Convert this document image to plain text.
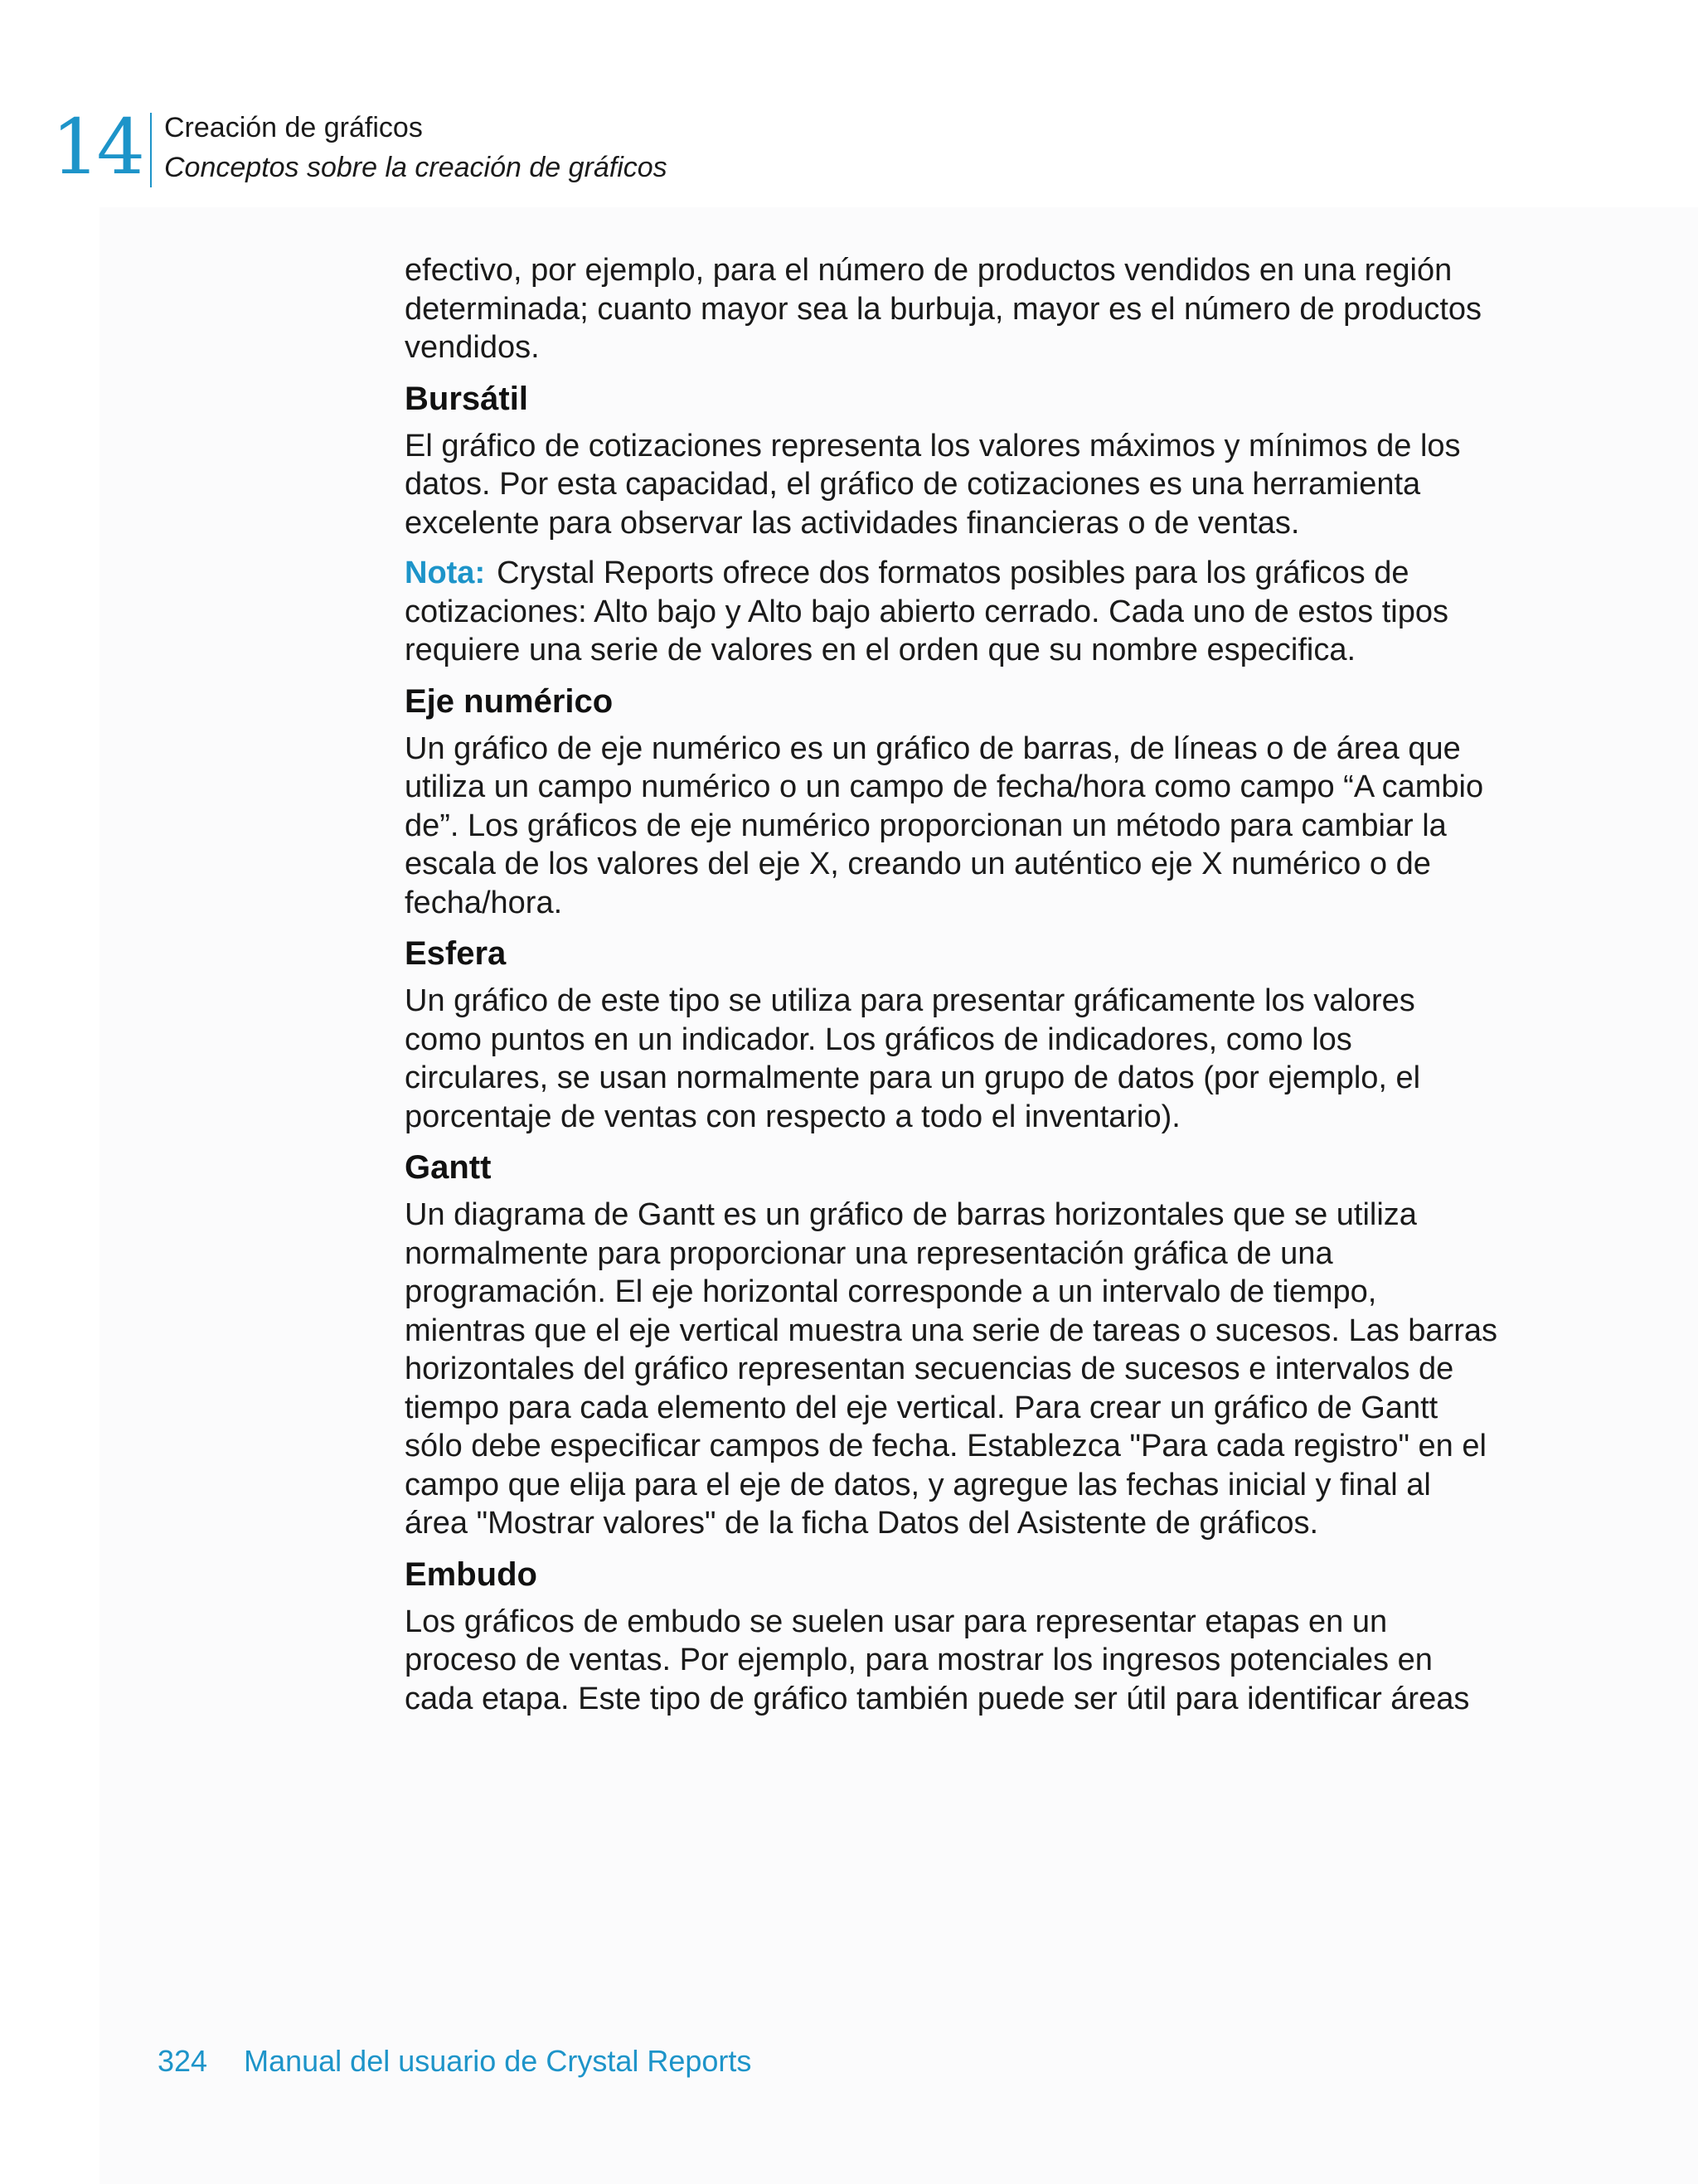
14 Creación de gráficos
Conceptos sobre la creación de gráficos

efectivo, por ejemplo, para el número de productos vendidos en una región determinada; cuanto mayor sea la burbuja, mayor es el número de productos vendidos.

Bursátil

El gráfico de cotizaciones representa los valores máximos y mínimos de los datos. Por esta capacidad, el gráfico de cotizaciones es una herramienta excelente para observar las actividades financieras o de ventas.

Nota: Crystal Reports ofrece dos formatos posibles para los gráficos de cotizaciones: Alto bajo y Alto bajo abierto cerrado. Cada uno de estos tipos requiere una serie de valores en el orden que su nombre especifica.

Eje numérico

Un gráfico de eje numérico es un gráfico de barras, de líneas o de área que utiliza un campo numérico o un campo de fecha/hora como campo “A cambio de”. Los gráficos de eje numérico proporcionan un método para cambiar la escala de los valores del eje X, creando un auténtico eje X numérico o de fecha/hora.

Esfera

Un gráfico de este tipo se utiliza para presentar gráficamente los valores como puntos en un indicador. Los gráficos de indicadores, como los circulares, se usan normalmente para un grupo de datos (por ejemplo, el porcentaje de ventas con respecto a todo el inventario).

Gantt

Un diagrama de Gantt es un gráfico de barras horizontales que se utiliza normalmente para proporcionar una representación gráfica de una programación. El eje horizontal corresponde a un intervalo de tiempo, mientras que el eje vertical muestra una serie de tareas o sucesos. Las barras horizontales del gráfico representan secuencias de sucesos e intervalos de tiempo para cada elemento del eje vertical. Para crear un gráfico de Gantt sólo debe especificar campos de fecha. Establezca "Para cada registro" en el campo que elija para el eje de datos, y agregue las fechas inicial y final al área "Mostrar valores" de la ficha Datos del Asistente de gráficos.

Embudo

Los gráficos de embudo se suelen usar para representar etapas en un proceso de ventas. Por ejemplo, para mostrar los ingresos potenciales en cada etapa. Este tipo de gráfico también puede ser útil para identificar áreas

324 Manual del usuario de Crystal Reports
